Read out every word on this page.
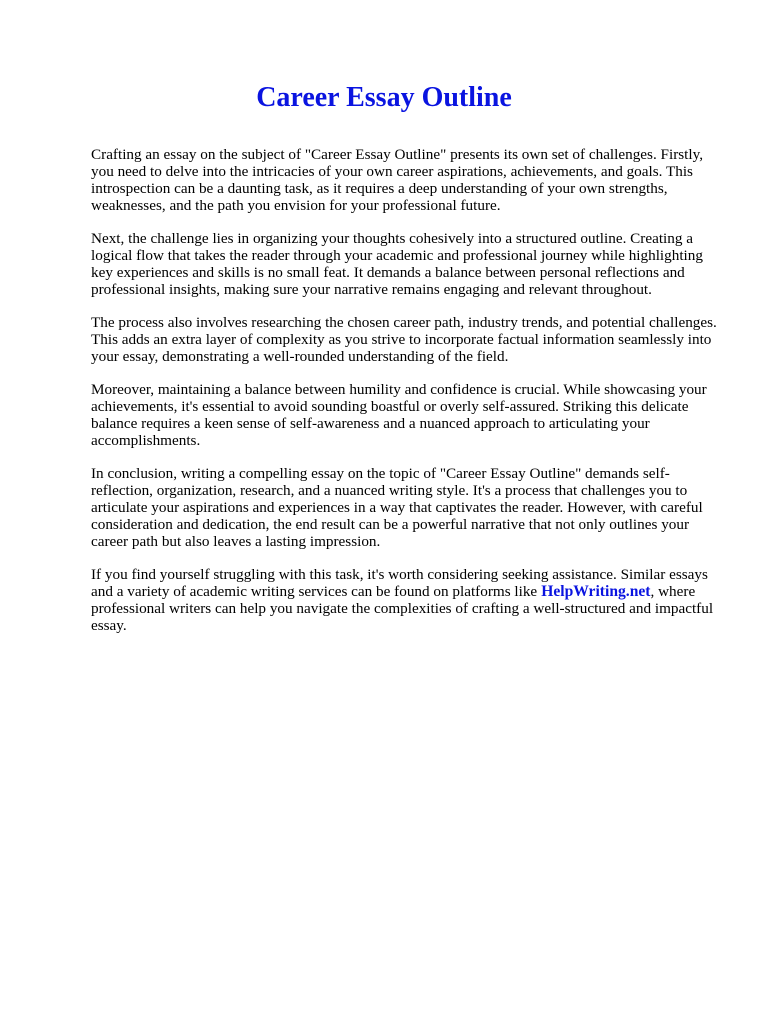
Career Essay Outline

Crafting an essay on the subject of "Career Essay Outline" presents its own set of challenges. Firstly, you need to delve into the intricacies of your own career aspirations, achievements, and goals. This introspection can be a daunting task, as it requires a deep understanding of your own strengths, weaknesses, and the path you envision for your professional future.

Next, the challenge lies in organizing your thoughts cohesively into a structured outline. Creating a logical flow that takes the reader through your academic and professional journey while highlighting key experiences and skills is no small feat. It demands a balance between personal reflections and professional insights, making sure your narrative remains engaging and relevant throughout.

The process also involves researching the chosen career path, industry trends, and potential challenges. This adds an extra layer of complexity as you strive to incorporate factual information seamlessly into your essay, demonstrating a well-rounded understanding of the field.

Moreover, maintaining a balance between humility and confidence is crucial. While showcasing your achievements, it's essential to avoid sounding boastful or overly self-assured. Striking this delicate balance requires a keen sense of self-awareness and a nuanced approach to articulating your accomplishments.

In conclusion, writing a compelling essay on the topic of "Career Essay Outline" demands self-reflection, organization, research, and a nuanced writing style. It's a process that challenges you to articulate your aspirations and experiences in a way that captivates the reader. However, with careful consideration and dedication, the end result can be a powerful narrative that not only outlines your career path but also leaves a lasting impression.

If you find yourself struggling with this task, it's worth considering seeking assistance. Similar essays and a variety of academic writing services can be found on platforms like HelpWriting.net, where professional writers can help you navigate the complexities of crafting a well-structured and impactful essay.
